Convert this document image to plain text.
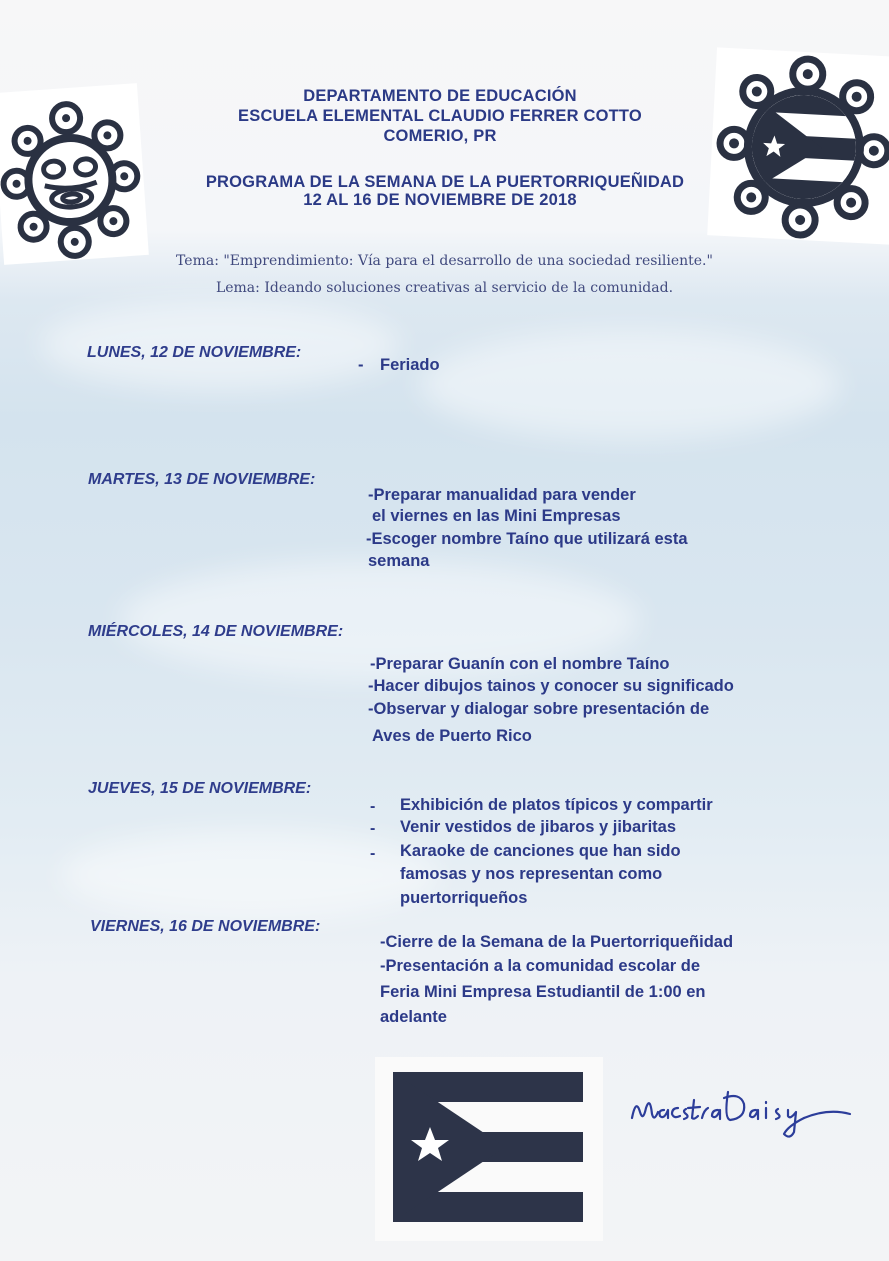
DEPARTAMENTO DE EDUCACIÓN
ESCUELA ELEMENTAL CLAUDIO FERRER COTTO
COMERIO, PR
PROGRAMA DE LA SEMANA DE LA PUERTORRIQUEÑIDAD
12 AL 16 DE NOVIEMBRE DE 2018
Tema: "Emprendimiento: Vía para el desarrollo de una sociedad resiliente."
Lema: Ideando soluciones creativas al servicio de la comunidad.
LUNES, 12 DE NOVIEMBRE:
- Feriado
MARTES, 13 DE NOVIEMBRE:
-Preparar manualidad para vender
el viernes en las Mini Empresas
-Escoger nombre Taíno que utilizará esta
semana
MIÉRCOLES, 14 DE NOVIEMBRE:
-Preparar Guanín con el nombre Taíno
-Hacer dibujos tainos y conocer su significado
-Observar y dialogar sobre presentación de
Aves de Puerto Rico
JUEVES, 15 DE NOVIEMBRE:
-
-
-
Exhibición de platos típicos y compartir
Venir vestidos de jibaros y jibaritas
Karaoke de canciones que han sido
famosas y nos representan como
puertorriqueños
VIERNES, 16 DE NOVIEMBRE:
-Cierre de la Semana de la Puertorriqueñidad
-Presentación a la comunidad escolar de
Feria Mini Empresa Estudiantil de 1:00 en
adelante
